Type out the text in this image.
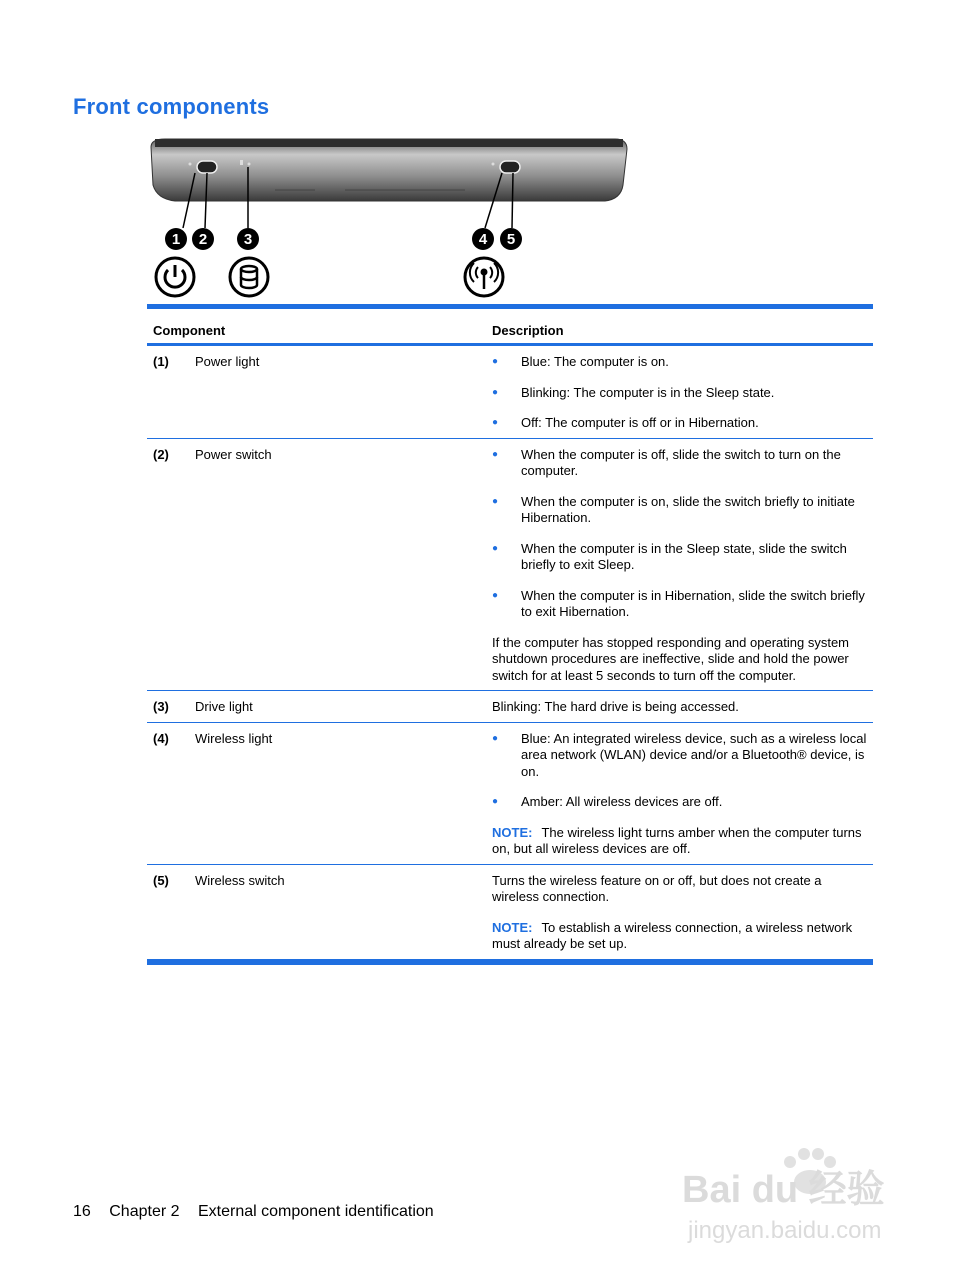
Front components
1 2 3	4 5
Component	Description
(1)	Power light	●	Blue: The computer is on.
●	Blinking: The computer is in the Sleep state.
●	Off: The computer is off or in Hibernation.
(2)	Power switch	●	When the computer is off, slide the switch to turn on the computer.
●	When the computer is on, slide the switch briefly to initiate Hibernation.
●	When the computer is in the Sleep state, slide the switch briefly to exit Sleep.
●	When the computer is in Hibernation, slide the switch briefly to exit Hibernation.
If the computer has stopped responding and operating system shutdown procedures are ineffective, slide and hold the power switch for at least 5 seconds to turn off the computer.
(3)	Drive light	Blinking: The hard drive is being accessed.
(4)	Wireless light	●	Blue: An integrated wireless device, such as a wireless local area network (WLAN) device and/or a Bluetooth® device, is on.
●	Amber: All wireless devices are off.
NOTE: The wireless light turns amber when the computer turns on, but all wireless devices are off.
(5)	Wireless switch	Turns the wireless feature on or off, but does not create a wireless connection.
NOTE: To establish a wireless connection, a wireless network must already be set up.
16 Chapter 2 External component identification
Bai du 经验
jingyan.baidu.com
